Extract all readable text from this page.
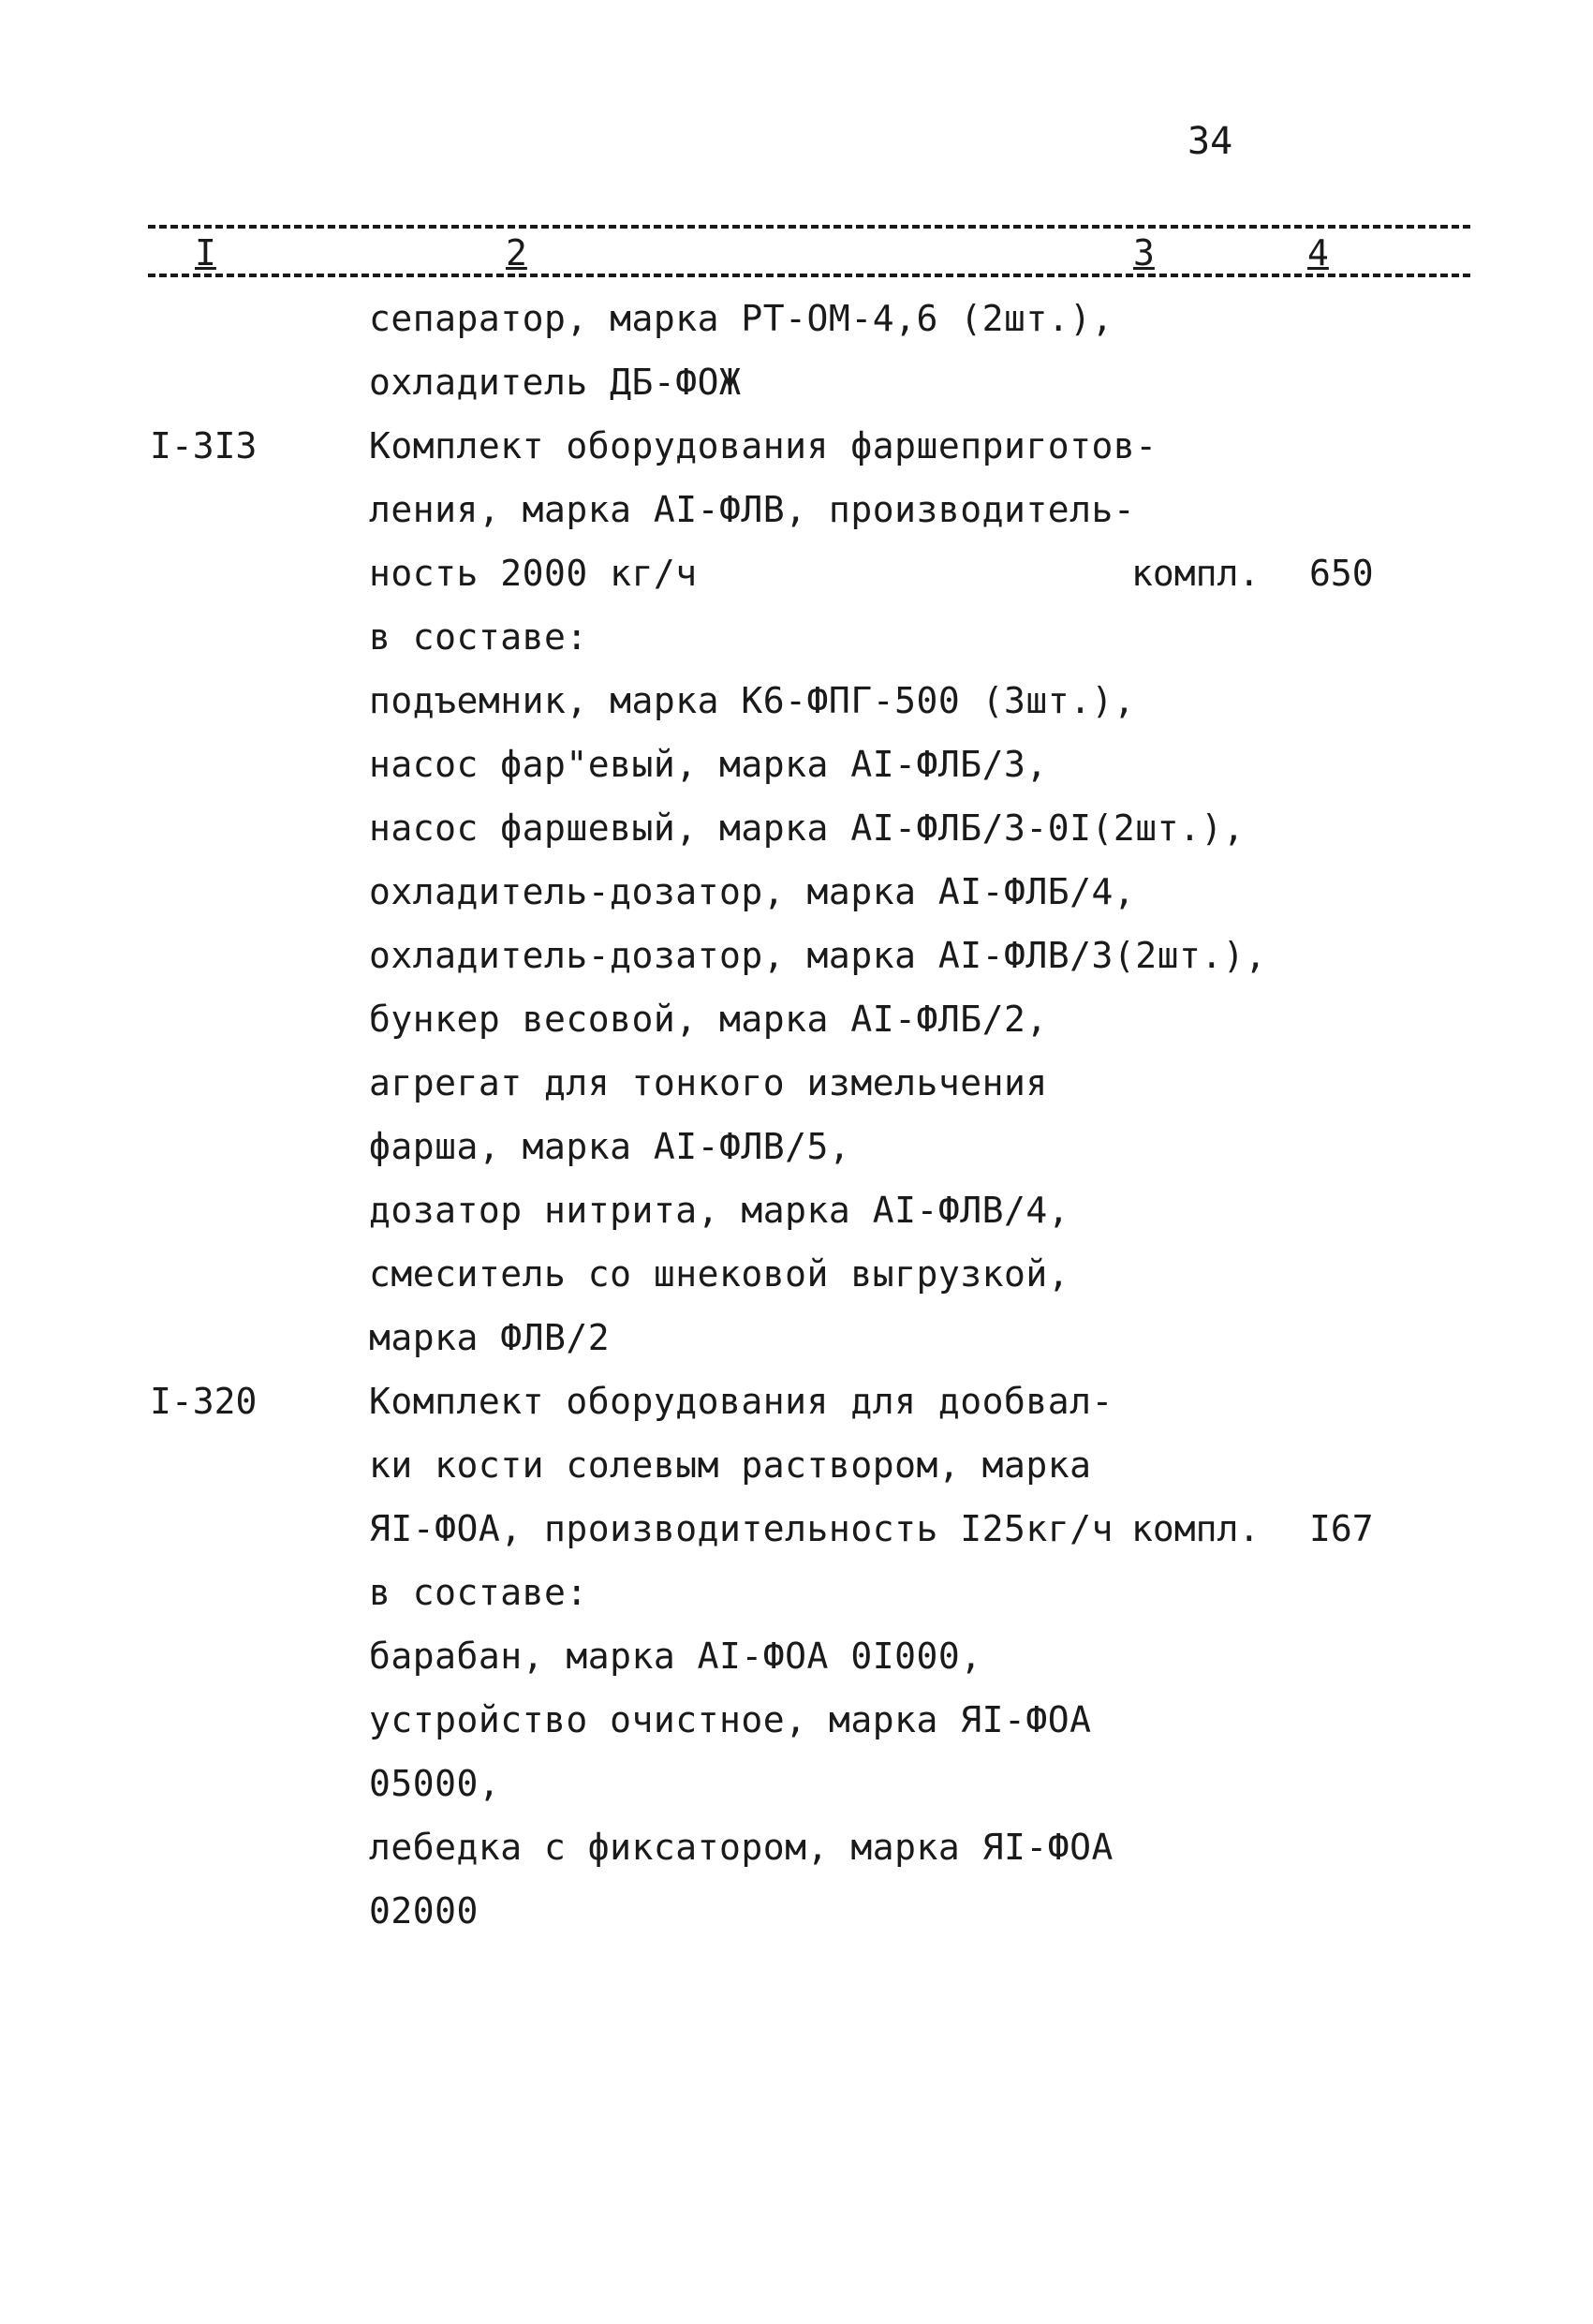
34
I	2	3	4
сепаратор, марка РТ-ОМ-4,6 (2шт.),
охладитель ДБ-ФОЖ
I-3I3	Комплект оборудования фаршеприготов-
ления, марка АI-ФЛВ, производитель-
ность 2000 кг/ч	компл. 650
в составе:
подъемник, марка К6-ФПГ-500 (3шт.),
насос фар"евый, марка АI-ФЛБ/3,
насос фаршевый, марка АI-ФЛБ/3-0I(2шт.),
охладитель-дозатор, марка АI-ФЛБ/4,
охладитель-дозатор, марка АI-ФЛВ/3(2шт.),
бункер весовой, марка АI-ФЛБ/2,
агрегат для тонкого измельчения
фарша, марка АI-ФЛВ/5,
дозатор нитрита, марка АI-ФЛВ/4,
смеситель со шнековой выгрузкой,
марка ФЛВ/2
I-320	Комплект оборудования для дообвал-
ки кости солевым раствором, марка
ЯI-ФОА, производительность I25кг/ч компл. I67
в составе:
барабан, марка АI-ФОА 0I000,
устройство очистное, марка ЯI-ФОА
05000,
лебедка с фиксатором, марка ЯI-ФОА
02000
